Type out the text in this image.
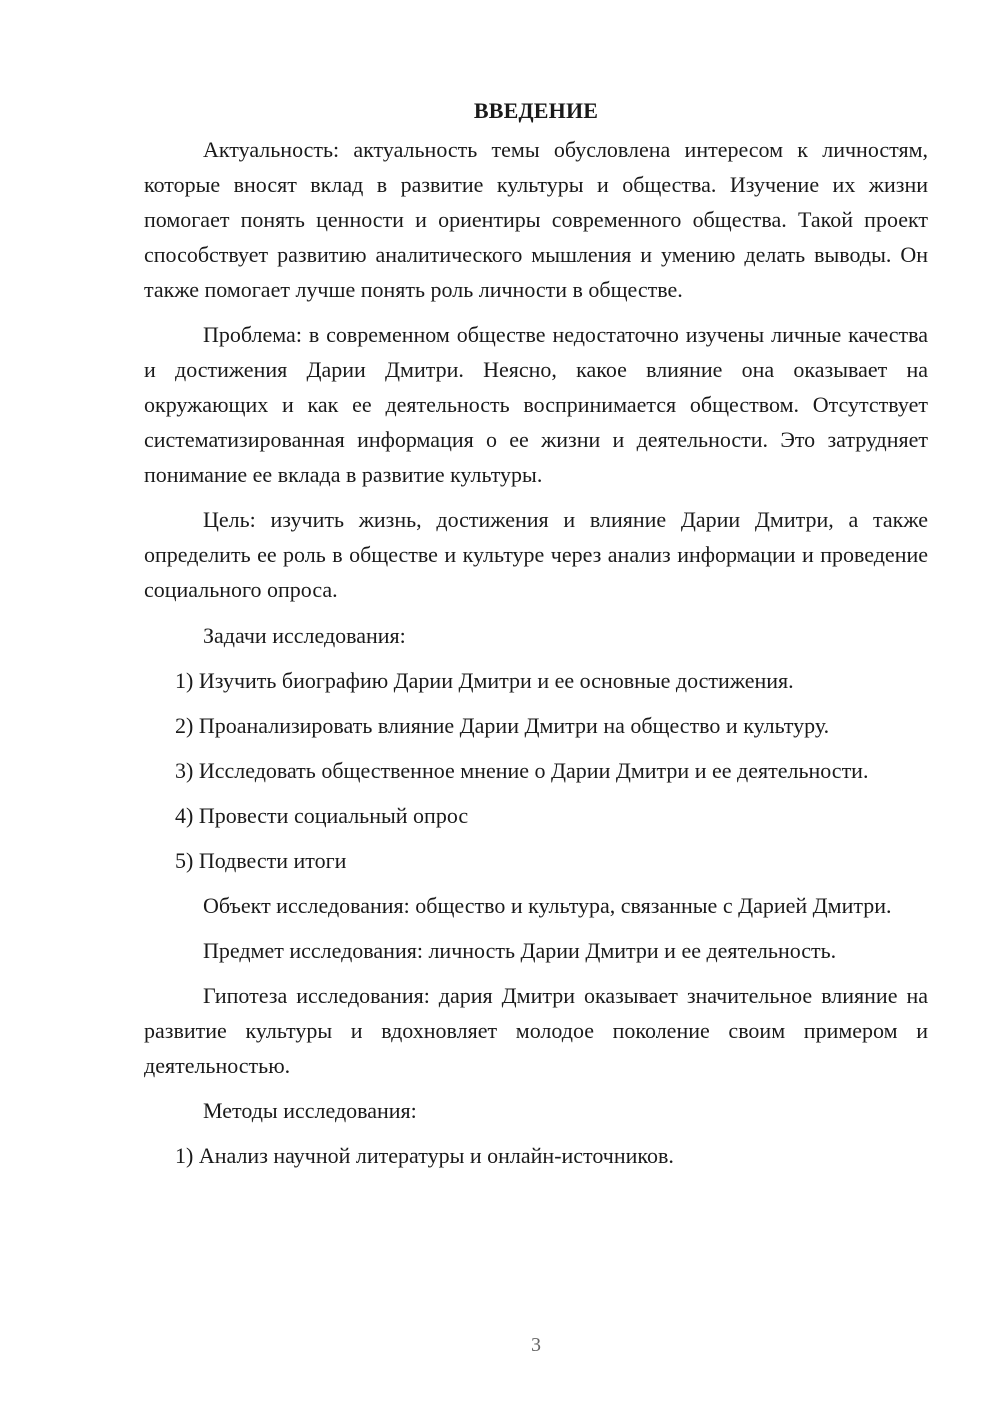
ВВЕДЕНИЕ

Актуальность: актуальность темы обусловлена интересом к личностям, которые вносят вклад в развитие культуры и общества. Изучение их жизни помогает понять ценности и ориентиры современного общества. Такой проект способствует развитию аналитического мышления и умению делать выводы. Он также помогает лучше понять роль личности в обществе.

Проблема: в современном обществе недостаточно изучены личные качества и достижения Дарии Дмитри. Неясно, какое влияние она оказывает на окружающих и как ее деятельность воспринимается обществом. Отсутствует систематизированная информация о ее жизни и деятельности. Это затрудняет понимание ее вклада в развитие культуры.

Цель: изучить жизнь, достижения и влияние Дарии Дмитри, а также определить ее роль в обществе и культуре через анализ информации и проведение социального опроса.

Задачи исследования:

1) Изучить биографию Дарии Дмитри и ее основные достижения.

2) Проанализировать влияние Дарии Дмитри на общество и культуру.

3) Исследовать общественное мнение о Дарии Дмитри и ее деятельности.

4) Провести социальный опрос

5) Подвести итоги

Объект исследования: общество и культура, связанные с Дарией Дмитри.

Предмет исследования: личность Дарии Дмитри и ее деятельность.

Гипотеза исследования: дария Дмитри оказывает значительное влияние на развитие культуры и вдохновляет молодое поколение своим примером и деятельностью.

Методы исследования:

1) Анализ научной литературы и онлайн-источников.

3
